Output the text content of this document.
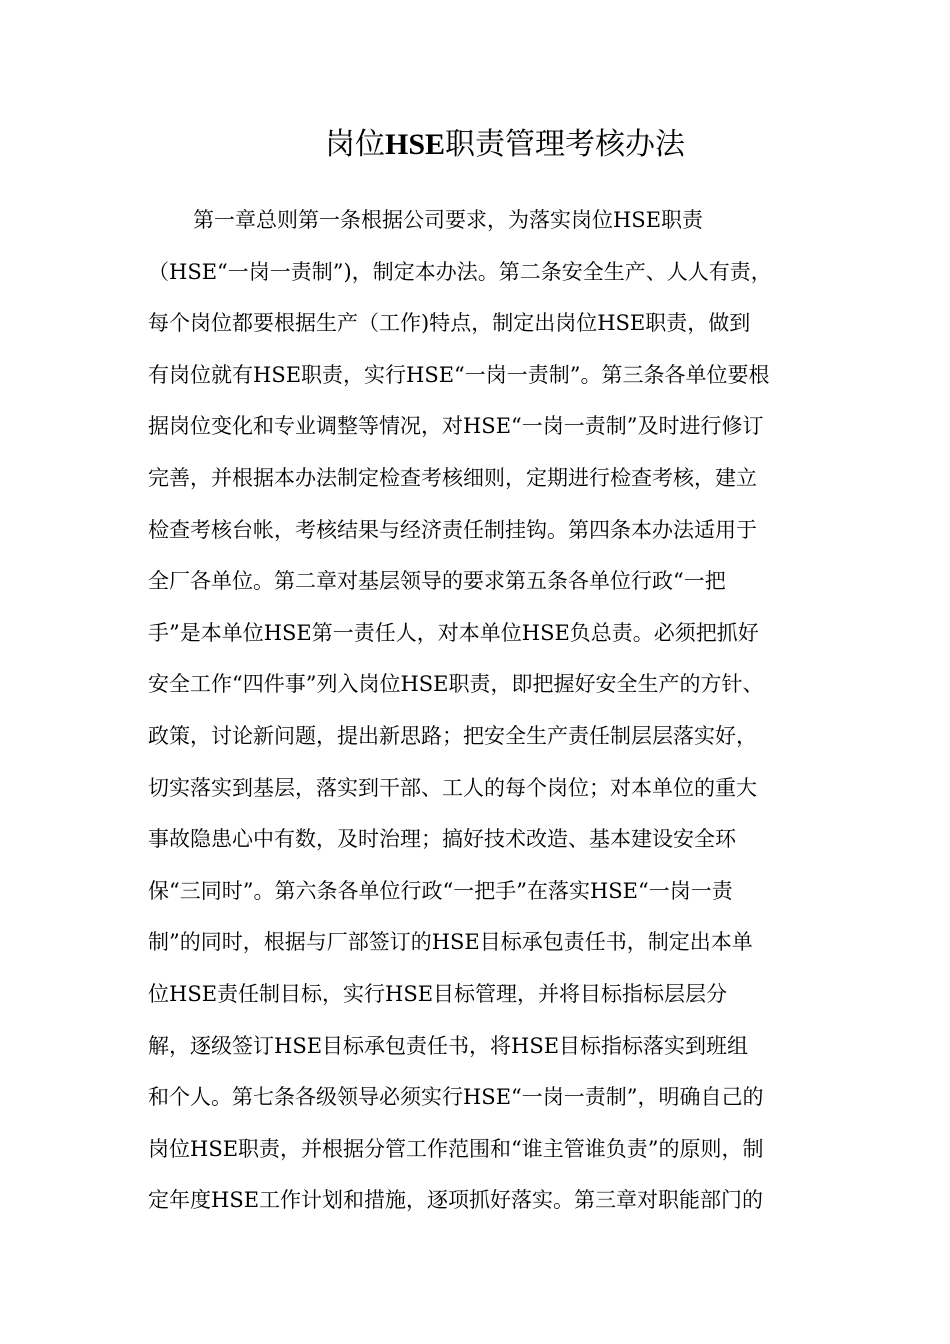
岗位HSE职责管理考核办法
第一章总则第一条根据公司要求，为落实岗位HSE职责
（HSE“一岗一责制”)，制定本办法。第二条安全生产、人人有责，
每个岗位都要根据生产（工作)特点，制定出岗位HSE职责，做到
有岗位就有HSE职责，实行HSE“一岗一责制”。第三条各单位要根
据岗位变化和专业调整等情况，对HSE“一岗一责制”及时进行修订
完善，并根据本办法制定检查考核细则，定期进行检查考核，建立
检查考核台帐，考核结果与经济责任制挂钩。第四条本办法适用于
全厂各单位。第二章对基层领导的要求第五条各单位行政“一把
手”是本单位HSE第一责任人，对本单位HSE负总责。必须把抓好
安全工作“四件事”列入岗位HSE职责，即把握好安全生产的方针、
政策，讨论新问题，提出新思路；把安全生产责任制层层落实好，
切实落实到基层，落实到干部、工人的每个岗位；对本单位的重大
事故隐患心中有数，及时治理；搞好技术改造、基本建设安全环
保“三同时”。第六条各单位行政“一把手”在落实HSE“一岗一责
制”的同时，根据与厂部签订的HSE目标承包责任书，制定出本单
位HSE责任制目标，实行HSE目标管理，并将目标指标层层分
解，逐级签订HSE目标承包责任书，将HSE目标指标落实到班组
和个人。第七条各级领导必须实行HSE“一岗一责制”，明确自己的
岗位HSE职责，并根据分管工作范围和“谁主管谁负责”的原则，制
定年度HSE工作计划和措施，逐项抓好落实。第三章对职能部门的
